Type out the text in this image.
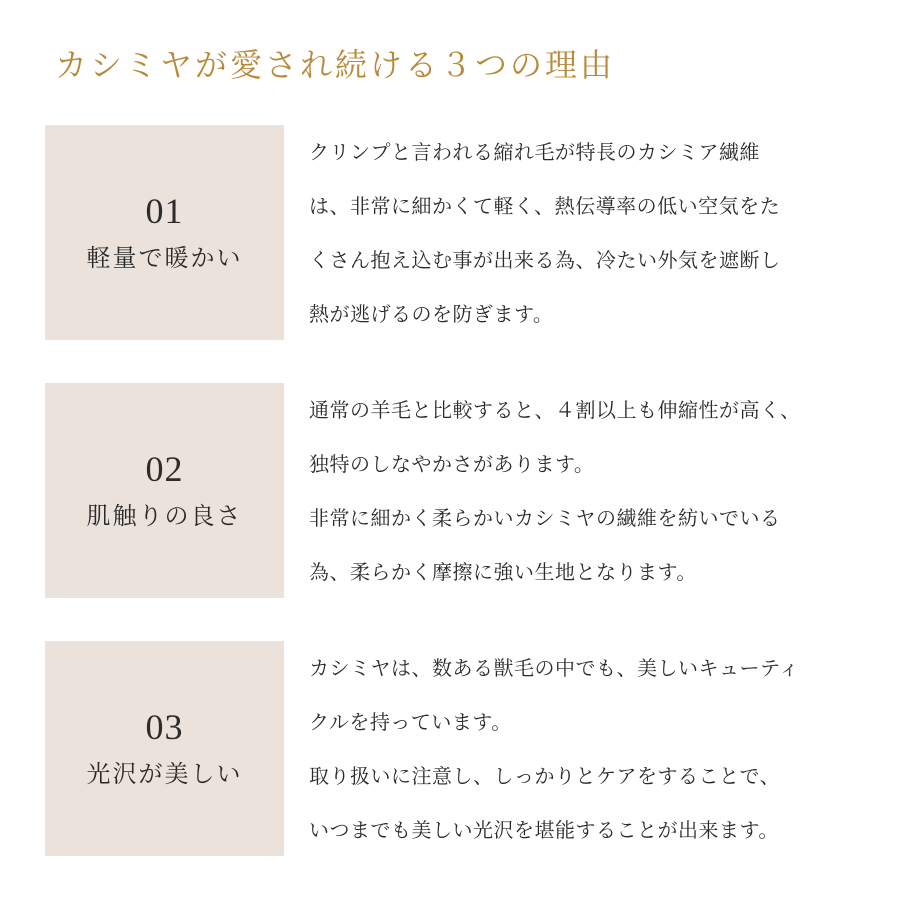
カシミヤが愛され続ける３つの理由
01
軽量で暖かい
クリンプと言われる縮れ毛が特長のカシミア繊維
は、非常に細かくて軽く、熱伝導率の低い空気をた
くさん抱え込む事が出来る為、冷たい外気を遮断し
熱が逃げるのを防ぎます。
02
肌触りの良さ
通常の羊毛と比較すると、４割以上も伸縮性が高く、
独特のしなやかさがあります。
非常に細かく柔らかいカシミヤの繊維を紡いでいる
為、柔らかく摩擦に強い生地となります。
03
光沢が美しい
カシミヤは、数ある獣毛の中でも、美しいキューティ
クルを持っています。
取り扱いに注意し、しっかりとケアをすることで、
いつまでも美しい光沢を堪能することが出来ます。
